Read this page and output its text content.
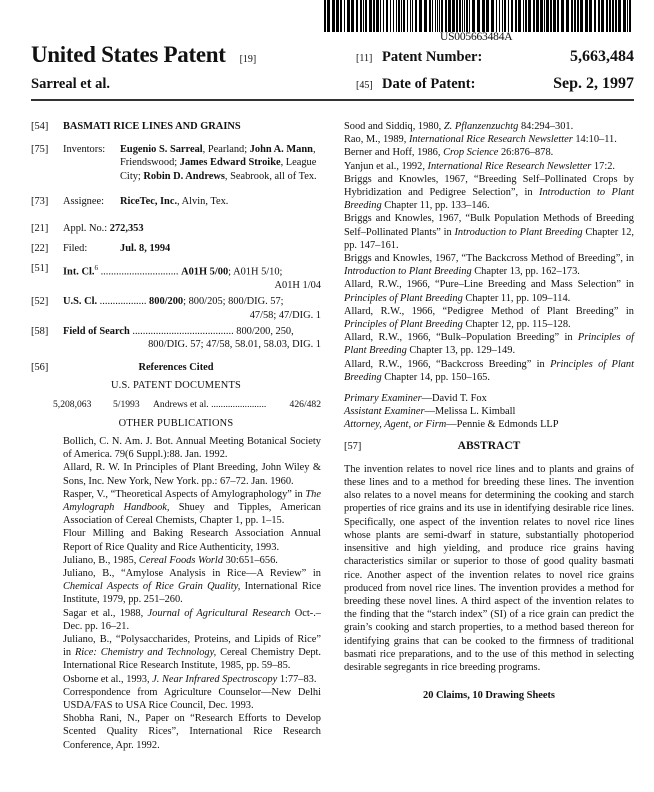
US005663484A
United States Patent [19]
Sarreal et al.
[11] Patent Number:	5,663,484
[45] Date of Patent:	Sep. 2, 1997
[54] BASMATI RICE LINES AND GRAINS
[75] Inventors:	Eugenio S. Sarreal, Pearland; John A. Mann, Friendswood; James Edward Stroike, League City; Robin D. Andrews, Seabrook, all of Tex.
[73] Assignee: RiceTec, Inc., Alvin, Tex.
[21] Appl. No.: 272,353
[22] Filed:	Jul. 8, 1994
[51] Int. Cl.$^6$ .............................. A01H 5/00; A01H 5/10;
A01H 1/04
[52] U.S. Cl. .................. 800/200; 800/205; 800/DIG. 57;
47/58; 47/DIG. 1
[58] Field of Search ....................................... 800/200, 250,
800/DIG. 57; 47/58, 58.01, 58.03, DIG. 1
[56]	References Cited
U.S. PATENT DOCUMENTS
5,208,063	5/1993	Andrews et al. .......................	426/482
OTHER PUBLICATIONS

Bollich, C. N. Am. J. Bot. Annual Meeting Botanical Society of America. 79(6 Suppl.):88. Jan. 1992.

Allard, R. W. In Principles of Plant Breeding, John Wiley & Sons, Inc. New York, New York. pp.: 67–72. Jan. 1960.

Rasper, V., “Theoretical Aspects of Amylographology” in The Amylograph Handbook, Shuey and Tipples, American Association of Cereal Chemists, Chapter 1, pp. 1–15.

Flour Milling and Baking Research Association Annual Report of Rice Quality and Rice Authenticity, 1993.

Juliano, B., 1985, Cereal Foods World 30:651–656.

Juliano, B., “Amylose Analysis in Rice—A Review” in Chemical Aspects of Rice Grain Quality, International Rice Institute, 1979, pp. 251–260.

Sagar et al., 1988, Journal of Agricultural Research Oct-.–Dec. pp. 16–21.

Juliano, B., “Polysaccharides, Proteins, and Lipids of Rice” in Rice: Chemistry and Technology, Cereal Chemistry Dept. International Rice Research Institute, 1985, pp. 59–85.

Osborne et al., 1993, J. Near Infrared Spectroscopy 1:77–83.

Correspondence from Agriculture Counselor—New Delhi USDA/FAS to USA Rice Council, Dec. 1993.

Shobha Rani, N., Paper on “Research Efforts to Develop Scented Quality Rices”, International Rice Research Conference, Apr. 1992.

Sood and Siddiq, 1980, Z. Pflanzenzuchtg 84:294–301.

Rao, M., 1989, International Rice Research Newsletter 14:10–11.

Berner and Hoff, 1986, Crop Science 26:876–878.

Yanjun et al., 1992, International Rice Research Newsletter 17:2.

Briggs and Knowles, 1967, “Breeding Self–Pollinated Crops by Hybridization and Pedigree Selection”, in Introduction to Plant Breeding Chapter 11, pp. 133–146.

Briggs and Knowles, 1967, “Bulk Population Methods of Breeding Self–Pollinated Plants” in Introduction to Plant Breeding Chapter 12, pp. 147–161.

Briggs and Knowles, 1967, “The Backcross Method of Breeding”, in Introduction to Plant Breeding Chapter 13, pp. 162–173.

Allard, R.W., 1966, “Pure–Line Breeding and Mass Selection” in Principles of Plant Breeding Chapter 11, pp. 109–114.

Allard, R.W., 1966, “Pedigree Method of Plant Breeding” in Principles of Plant Breeding Chapter 12, pp. 115–128.

Allard, R.W., 1966, “Bulk–Population Breeding” in Principles of Plant Breeding Chapter 13, pp. 129–149.

Allard, R.W., 1966, “Backcross Breeding” in Principles of Plant Breeding Chapter 14, pp. 150–165.

Primary Examiner—David T. Fox
Assistant Examiner—Melissa L. Kimball
Attorney, Agent, or Firm—Pennie & Edmonds LLP
[57]	ABSTRACT
The invention relates to novel rice lines and to plants and grains of these lines and to a method for breeding these lines. The invention also relates to a novel means for determining the cooking and starch properties of rice grains and its use in identifying desirable rice lines. Specifically, one aspect of the invention relates to novel rice lines whose plants are semi-dwarf in stature, substantially photoperiod insensitive and high yielding, and produce rice grains having characteristics similar or superior to those of good quality basmati rice. Another aspect of the invention relates to novel rice grains produced from novel rice lines. The invention provides a method for breeding these novel lines. A third aspect of the invention relates to the finding that the “starch index” (SI) of a rice grain can predict the grain’s cooking and starch properties, to a method based thereon for identifying grains that can be cooked to the firmness of traditional basmati rice preparations, and to the use of this method in selecting desirable segregants in rice breeding programs.
20 Claims, 10 Drawing Sheets
